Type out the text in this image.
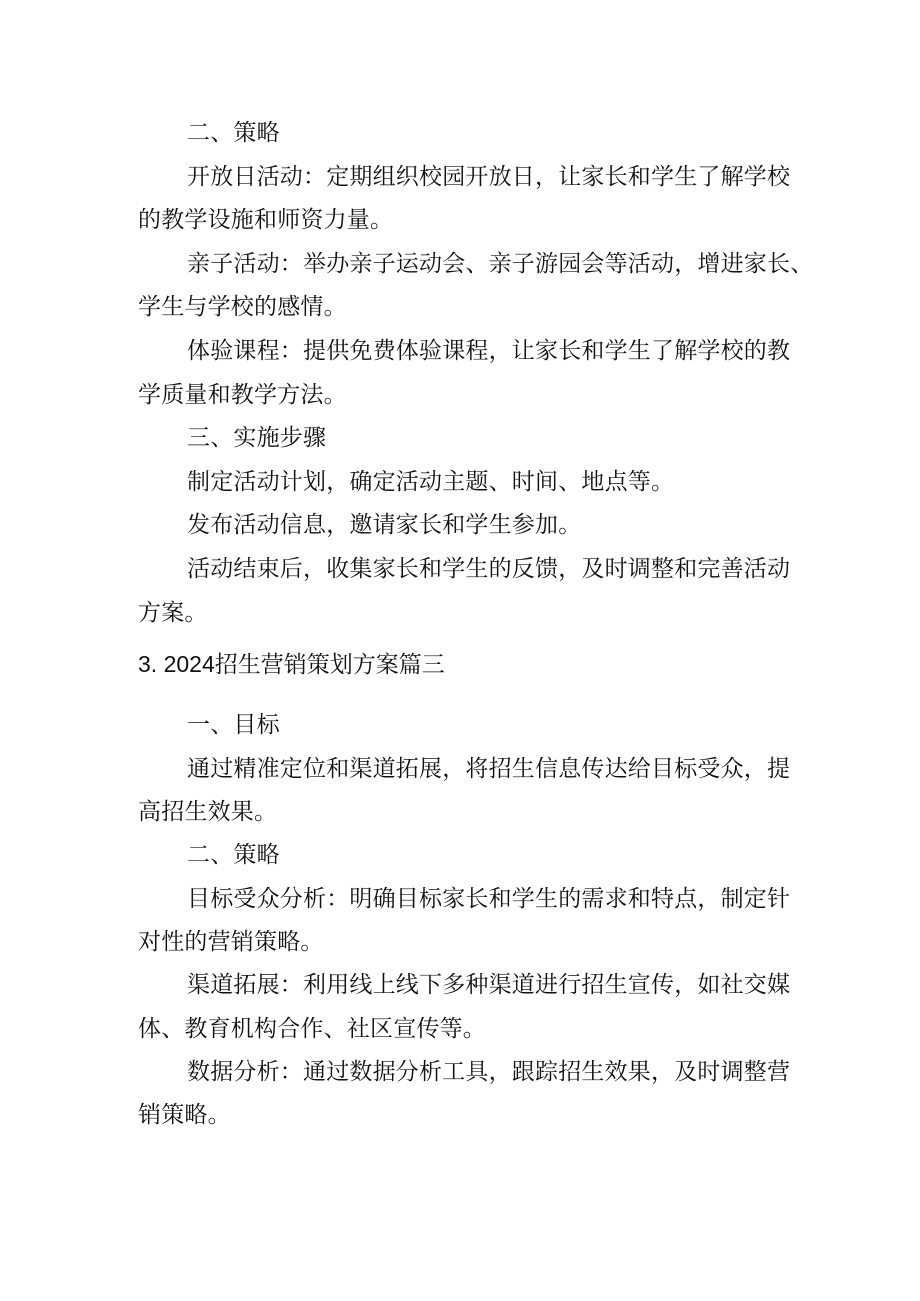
二、策略
开放日活动：定期组织校园开放日，让家长和学生了解学校
的教学设施和师资力量。
亲子活动：举办亲子运动会、亲子游园会等活动，增进家长、
学生与学校的感情。
体验课程：提供免费体验课程，让家长和学生了解学校的教
学质量和教学方法。
三、实施步骤
制定活动计划，确定活动主题、时间、地点等。
发布活动信息，邀请家长和学生参加。
活动结束后，收集家长和学生的反馈，及时调整和完善活动
方案。
3. 2024招生营销策划方案篇三
一、目标
通过精准定位和渠道拓展，将招生信息传达给目标受众，提
高招生效果。
二、策略
目标受众分析：明确目标家长和学生的需求和特点，制定针
对性的营销策略。
渠道拓展：利用线上线下多种渠道进行招生宣传，如社交媒
体、教育机构合作、社区宣传等。
数据分析：通过数据分析工具，跟踪招生效果，及时调整营
销策略。
